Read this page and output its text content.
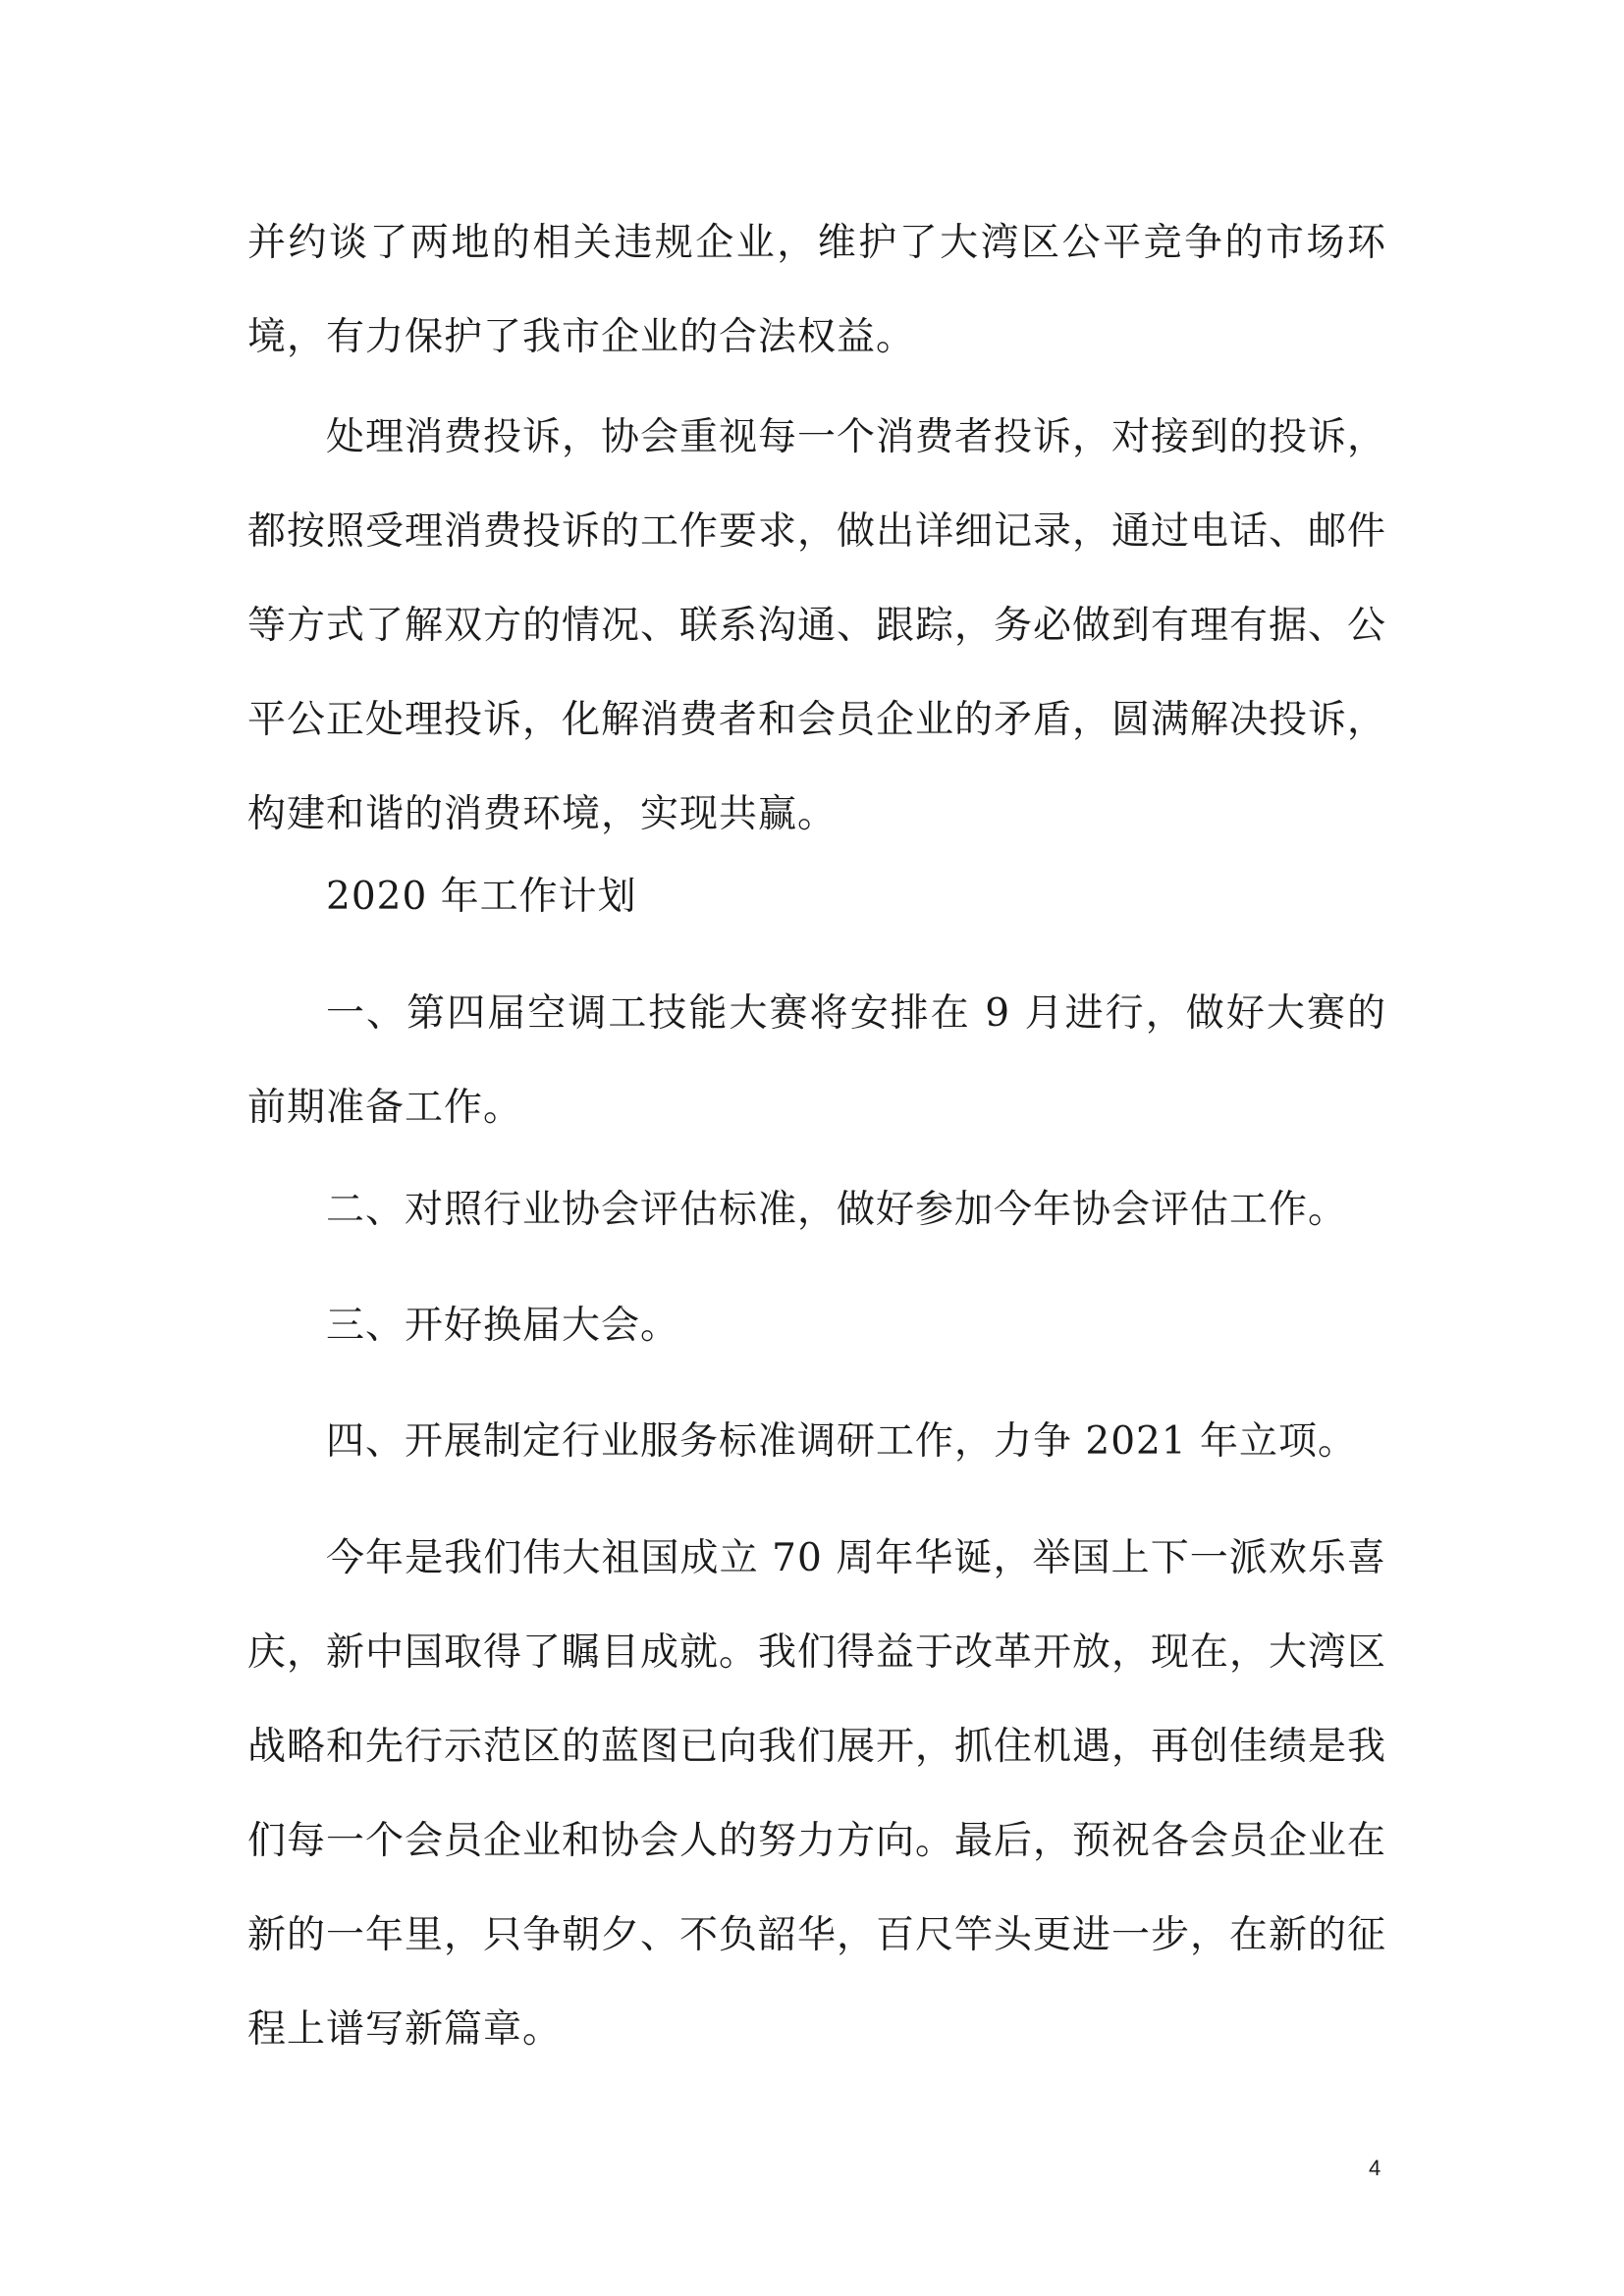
并约谈了两地的相关违规企业，维护了大湾区公平竞争的市场环境，有力保护了我市企业的合法权益。

处理消费投诉，协会重视每一个消费者投诉，对接到的投诉，都按照受理消费投诉的工作要求，做出详细记录，通过电话、邮件等方式了解双方的情况、联系沟通、跟踪，务必做到有理有据、公平公正处理投诉，化解消费者和会员企业的矛盾，圆满解决投诉，构建和谐的消费环境，实现共赢。

2020 年工作计划

一、第四届空调工技能大赛将安排在 9 月进行，做好大赛的前期准备工作。

二、对照行业协会评估标准，做好参加今年协会评估工作。

三、开好换届大会。

四、开展制定行业服务标准调研工作，力争 2021 年立项。

今年是我们伟大祖国成立 70 周年华诞，举国上下一派欢乐喜庆，新中国取得了瞩目成就。我们得益于改革开放，现在，大湾区战略和先行示范区的蓝图已向我们展开，抓住机遇，再创佳绩是我们每一个会员企业和协会人的努力方向。最后，预祝各会员企业在新的一年里，只争朝夕、不负韶华，百尺竿头更进一步，在新的征程上谱写新篇章。

4
